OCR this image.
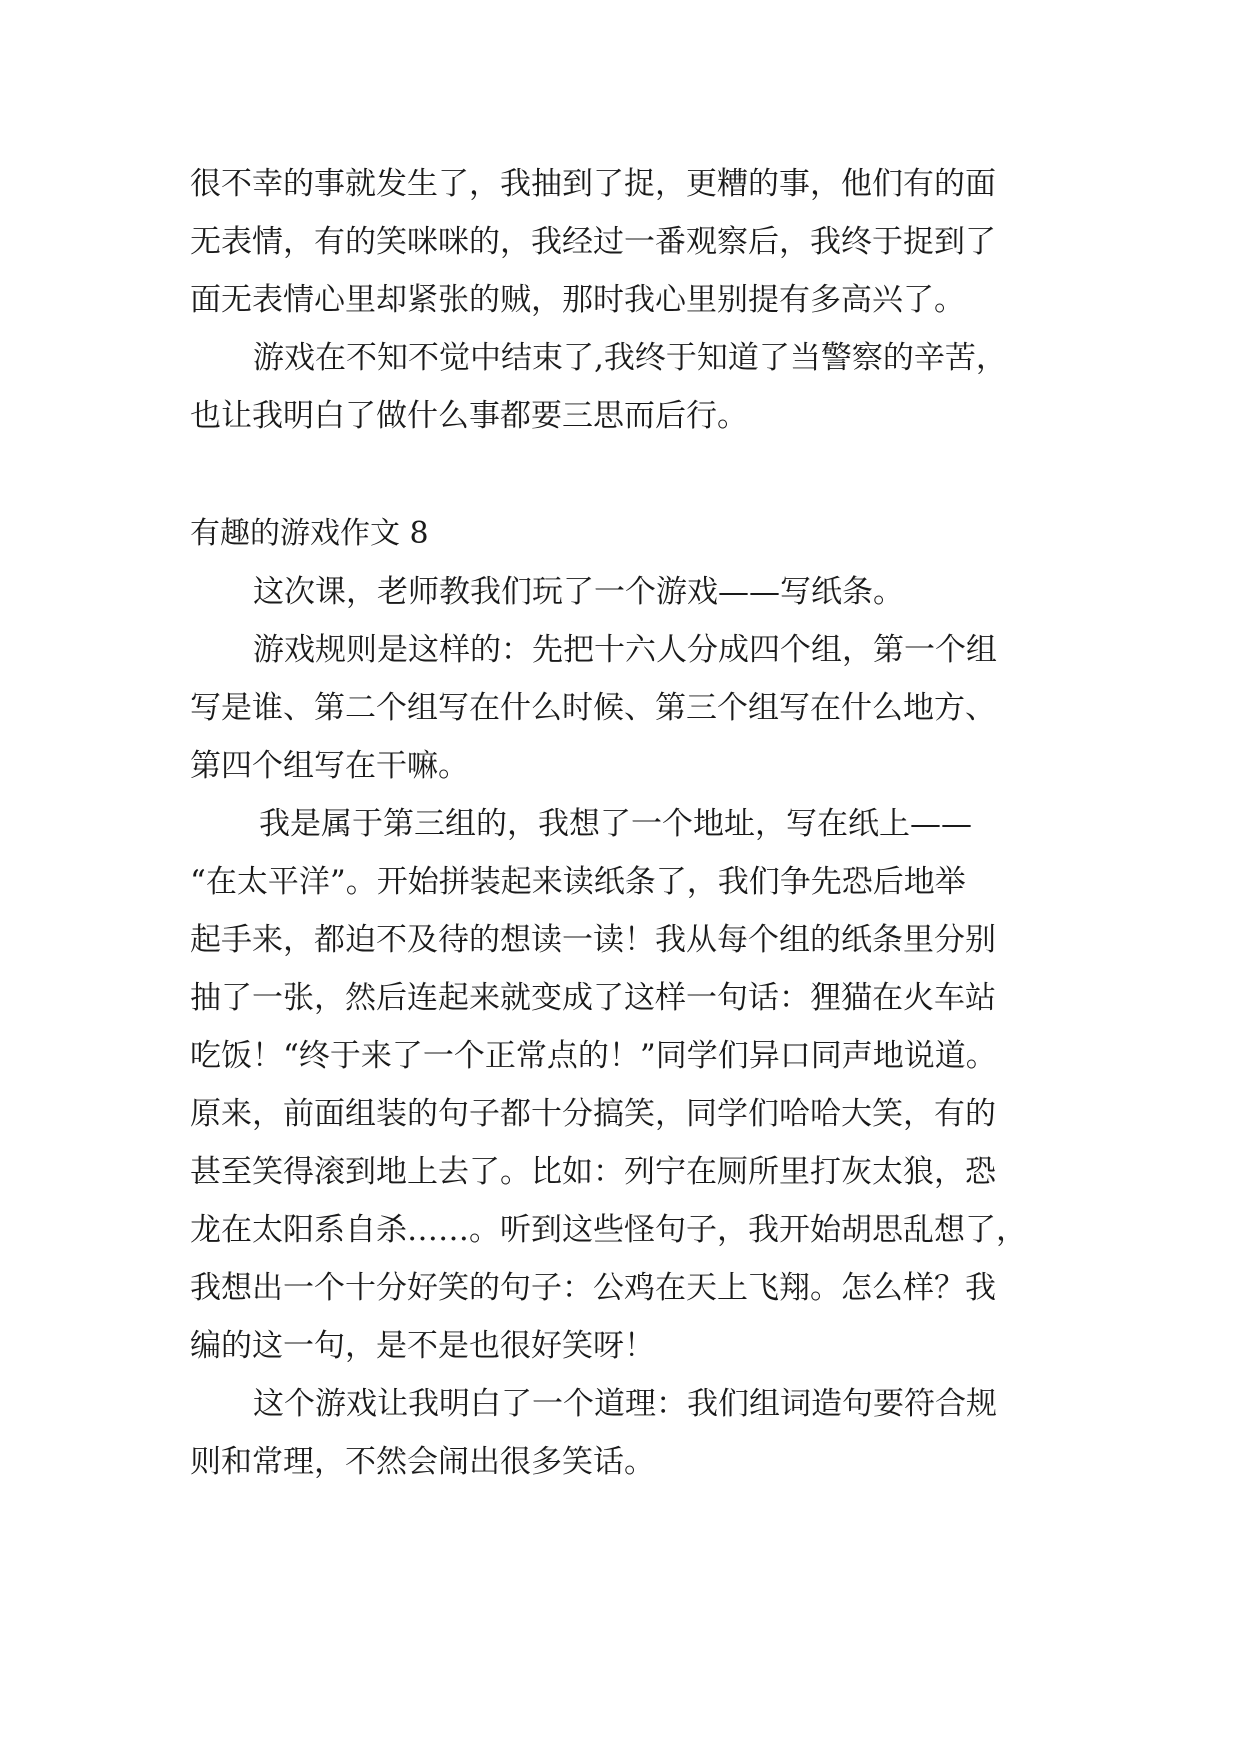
很不幸的事就发生了，我抽到了捉，更糟的事，他们有的面
无表情，有的笑咪咪的，我经过一番观察后，我终于捉到了
面无表情心里却紧张的贼，那时我心里别提有多高兴了。
游戏在不知不觉中结束了,我终于知道了当警察的辛苦，
也让我明白了做什么事都要三思而后行。
有趣的游戏作文 8
这次课，老师教我们玩了一个游戏——写纸条。
游戏规则是这样的：先把十六人分成四个组，第一个组
写是谁、第二个组写在什么时候、第三个组写在什么地方、
第四个组写在干嘛。
我是属于第三组的，我想了一个地址，写在纸上——
“在太平洋”。开始拼装起来读纸条了，我们争先恐后地举
起手来，都迫不及待的想读一读！我从每个组的纸条里分别
抽了一张，然后连起来就变成了这样一句话：狸猫在火车站
吃饭！“终于来了一个正常点的！”同学们异口同声地说道。
原来，前面组装的句子都十分搞笑，同学们哈哈大笑，有的
甚至笑得滚到地上去了。比如：列宁在厕所里打灰太狼，恐
龙在太阳系自杀……。听到这些怪句子，我开始胡思乱想了，
我想出一个十分好笑的句子：公鸡在天上飞翔。怎么样？我
编的这一句，是不是也很好笑呀！
这个游戏让我明白了一个道理：我们组词造句要符合规
则和常理，不然会闹出很多笑话。
